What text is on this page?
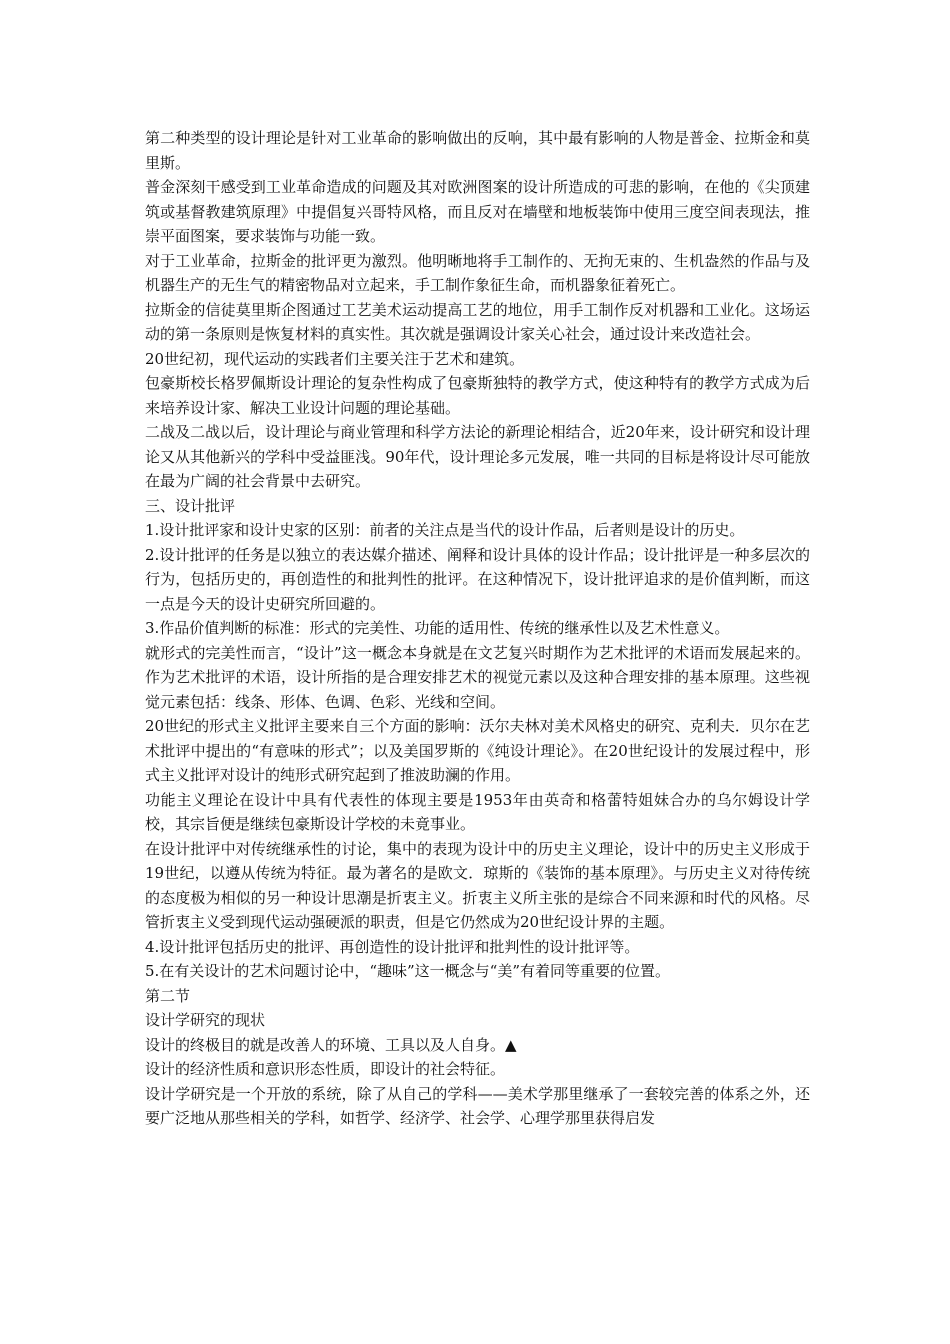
第二种类型的设计理论是针对工业革命的影响做出的反响，其中最有影响的人物是普金、拉斯金和莫里斯。

普金深刻干感受到工业革命造成的问题及其对欧洲图案的设计所造成的可悲的影响，在他的《尖顶建筑或基督教建筑原理》中提倡复兴哥特风格，而且反对在墙壁和地板装饰中使用三度空间表现法，推崇平面图案，要求装饰与功能一致。

对于工业革命，拉斯金的批评更为激烈。他明晰地将手工制作的、无拘无束的、生机盎然的作品与及机器生产的无生气的精密物品对立起来，手工制作象征生命，而机器象征着死亡。

拉斯金的信徒莫里斯企图通过工艺美术运动提高工艺的地位，用手工制作反对机器和工业化。这场运动的第一条原则是恢复材料的真实性。其次就是强调设计家关心社会，通过设计来改造社会。

20世纪初，现代运动的实践者们主要关注于艺术和建筑。

包豪斯校长格罗佩斯设计理论的复杂性构成了包豪斯独特的教学方式，使这种特有的教学方式成为后来培养设计家、解决工业设计问题的理论基础。

二战及二战以后，设计理论与商业管理和科学方法论的新理论相结合，近20年来，设计研究和设计理论又从其他新兴的学科中受益匪浅。90年代，设计理论多元发展，唯一共同的目标是将设计尽可能放在最为广阔的社会背景中去研究。

三、设计批评

1.设计批评家和设计史家的区别：前者的关注点是当代的设计作品，后者则是设计的历史。

2.设计批评的任务是以独立的表达媒介描述、阐释和设计具体的设计作品；设计批评是一种多层次的行为，包括历史的，再创造性的和批判性的批评。在这种情况下，设计批评追求的是价值判断，而这一点是今天的设计史研究所回避的。

3.作品价值判断的标准：形式的完美性、功能的适用性、传统的继承性以及艺术性意义。

就形式的完美性而言，“设计”这一概念本身就是在文艺复兴时期作为艺术批评的术语而发展起来的。作为艺术批评的术语，设计所指的是合理安排艺术的视觉元素以及这种合理安排的基本原理。这些视觉元素包括：线条、形体、色调、色彩、光线和空间。

20世纪的形式主义批评主要来自三个方面的影响：沃尔夫林对美术风格史的研究、克利夫．贝尔在艺术批评中提出的“有意味的形式”；以及美国罗斯的《纯设计理论》。在20世纪设计的发展过程中，形式主义批评对设计的纯形式研究起到了推波助澜的作用。

功能主义理论在设计中具有代表性的体现主要是1953年由英奇和格蕾特姐妹合办的乌尔姆设计学校，其宗旨便是继续包豪斯设计学校的未竟事业。

在设计批评中对传统继承性的讨论，集中的表现为设计中的历史主义理论，设计中的历史主义形成于19世纪，以遵从传统为特征。最为著名的是欧文．琼斯的《装饰的基本原理》。与历史主义对待传统的态度极为相似的另一种设计思潮是折衷主义。折衷主义所主张的是综合不同来源和时代的风格。尽管折衷主义受到现代运动强硬派的职责，但是它仍然成为20世纪设计界的主题。

4.设计批评包括历史的批评、再创造性的设计批评和批判性的设计批评等。

5.在有关设计的艺术问题讨论中，“趣味”这一概念与“美”有着同等重要的位置。

第二节

设计学研究的现状

设计的终极目的就是改善人的环境、工具以及人自身。▲

设计的经济性质和意识形态性质，即设计的社会特征。

设计学研究是一个开放的系统，除了从自己的学科——美术学那里继承了一套较完善的体系之外，还要广泛地从那些相关的学科，如哲学、经济学、社会学、心理学那里获得启发
